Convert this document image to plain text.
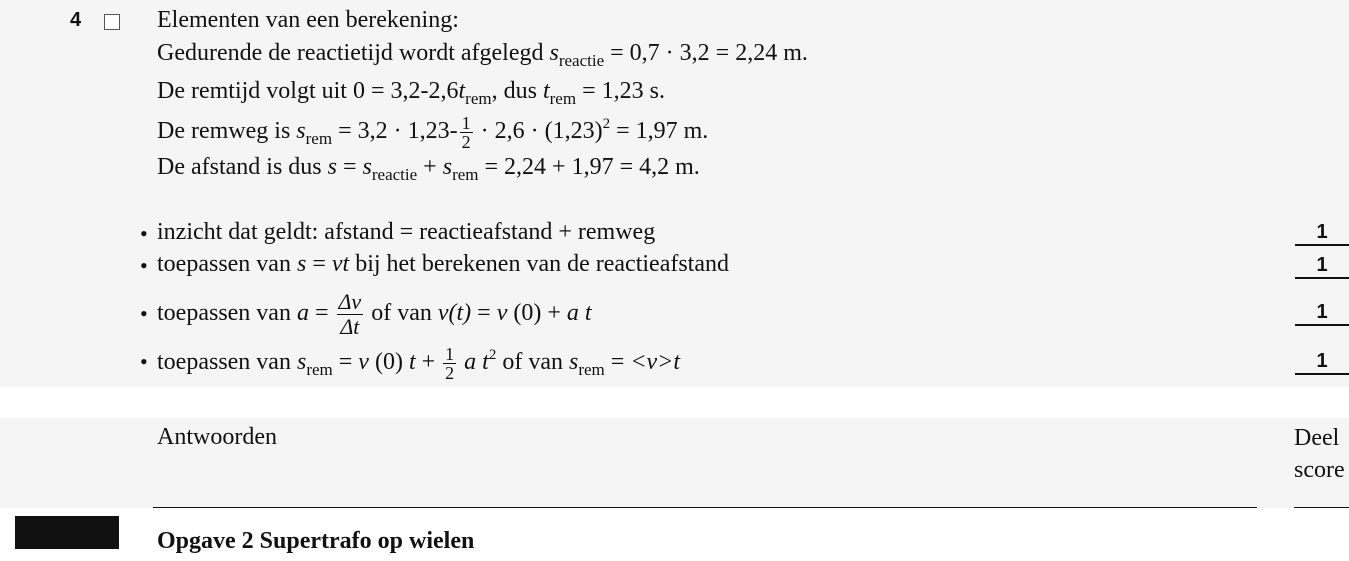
4	Elementen van een berekening:
Gedurende de reactietijd wordt afgelegd $s_{reactie} = 0,7 \cdot 3,2 = 2,24$ m.
De remtijd volgt uit $0 = 3,2-2,6t_{rem}$, dus $t_{rem} = 1,23$ s.
De remweg is $s_{rem} = 3,2 \cdot 1,23- \frac{1}{2} \cdot 2,6 \cdot (1,23)^2 = 1,97$ m.
De afstand is dus $s = s_{reactie} + s_{rem} = 2,24 + 1,97 = 4,2$ m.
• inzicht dat geldt: afstand = reactieafstand + remweg	1
• toepassen van s = vt bij het berekenen van de reactieafstand	1
• toepassen van $a = \frac{\Delta v}{\Delta t}$ of van v(t) = v (0) + a t	1
• toepassen van $s_{rem} = v$ (0) $t + \frac{1}{2}$ a $t^2$ of van $s_{rem} = <v>t$	1
Antwoorden	Deel
score
Opgave 2 Supertrafo op wielen
